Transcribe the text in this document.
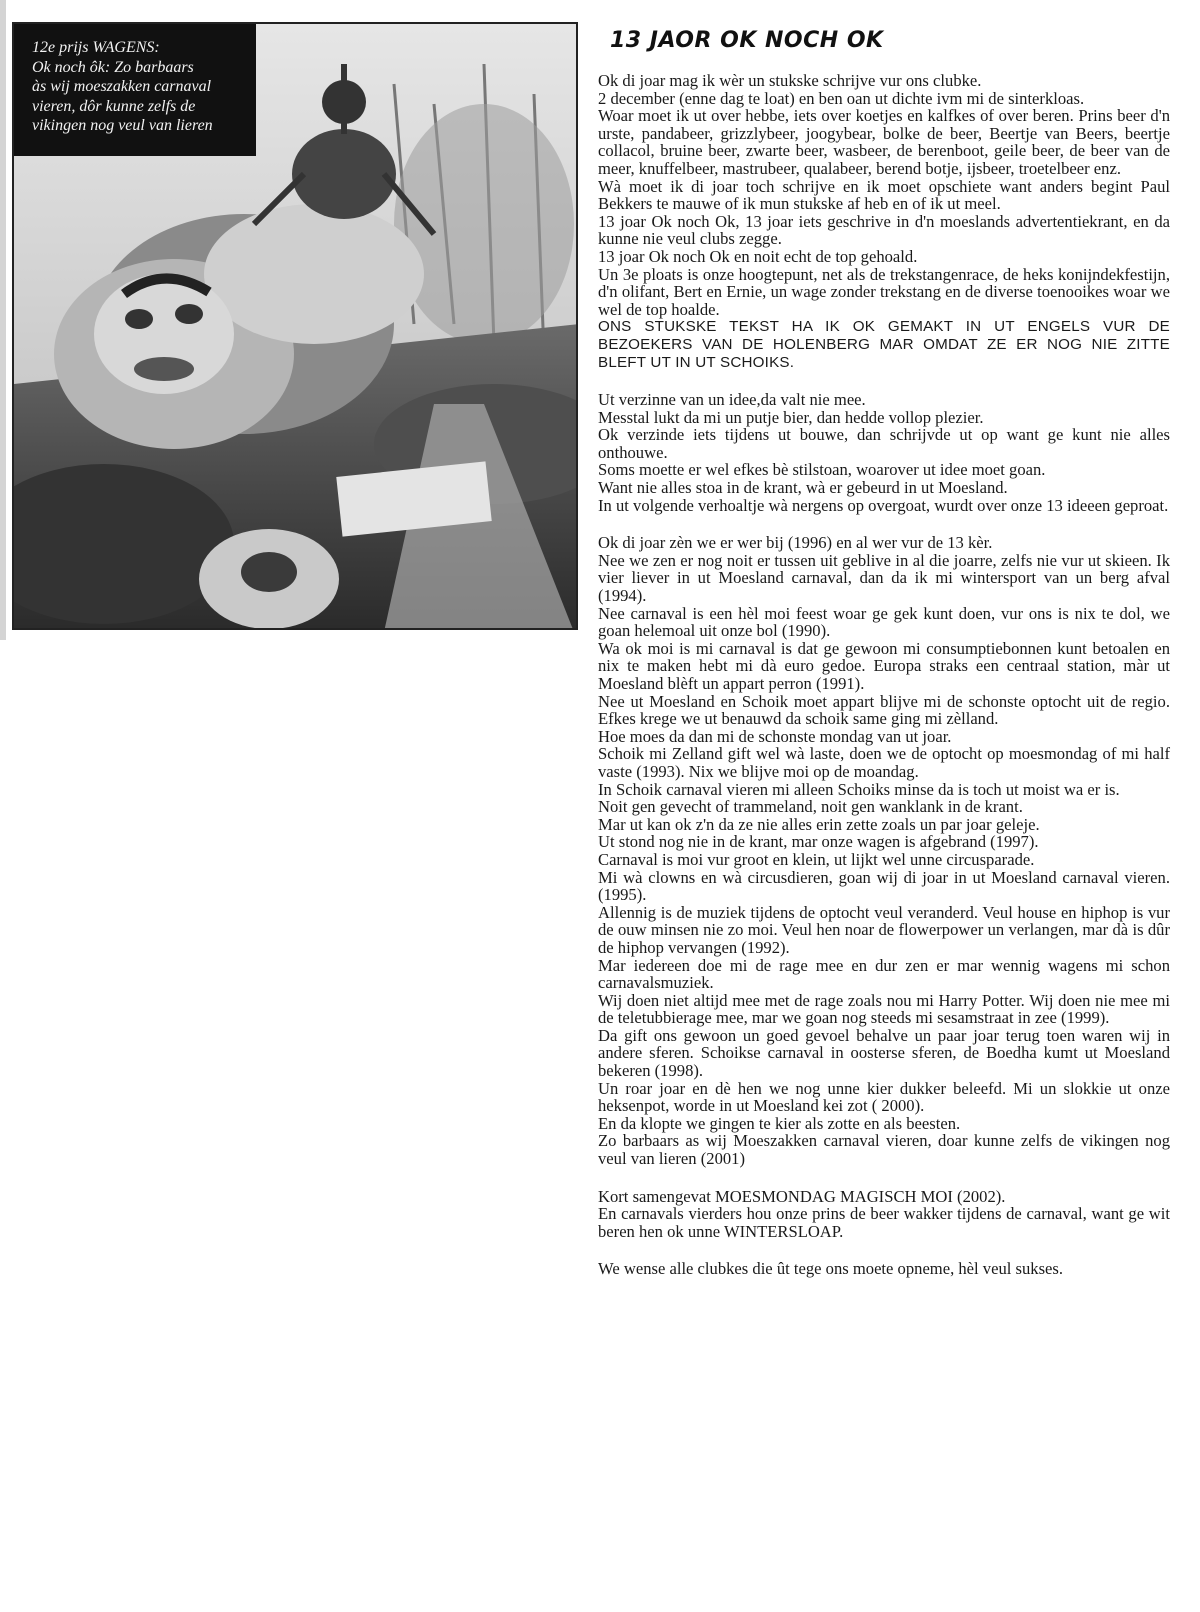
12e prijs WAGENS:
Ok noch ôk: Zo barbaars
às wij moeszakken carnaval
vieren, dôr kunne zelfs de
vikingen nog veul van lieren
13 JAOR OK NOCH OK

Ok di joar mag ik wèr un stukske schrijve vur ons clubke.

2 december (enne dag te loat) en ben oan ut dichte ivm mi de sinterkloas.

Woar moet ik ut over hebbe, iets over koetjes en kalfkes of over beren. Prins beer d'n urste, pandabeer, grizzlybeer, joogybear, bolke de beer, Beertje van Beers, beertje collacol, bruine beer, zwarte beer, wasbeer, de berenboot, geile beer, de beer van de meer, knuffelbeer, mastrubeer, qualabeer, berend botje, ijsbeer, troetelbeer enz.

Wà moet ik di joar toch schrijve en ik moet opschiete want anders begint Paul Bekkers te mauwe of ik mun stukske af heb en of ik ut meel.

13 joar Ok noch Ok, 13 joar iets geschrive in d'n moeslands advertentiekrant, en da kunne nie veul clubs zegge.

13 joar Ok noch Ok en noit echt de top gehoald.

Un 3e ploats is onze hoogtepunt, net als de trekstangenrace, de heks konijndekfestijn, d'n olifant, Bert en Ernie, un wage zonder trekstang en de diverse toenooikes woar we wel de top hoalde.

ONS STUKSKE TEKST HA IK OK GEMAKT IN UT ENGELS VUR DE BEZOEKERS VAN DE HOLENBERG MAR OMDAT ZE ER NOG NIE ZITTE BLEFT UT IN UT SCHOIKS.

Ut verzinne van un idee,da valt nie mee.

Messtal lukt da mi un putje bier, dan hedde vollop plezier.

Ok verzinde iets tijdens ut bouwe, dan schrijvde ut op want ge kunt nie alles onthouwe.

Soms moette er wel efkes bè stilstoan, woarover ut idee moet goan.

Want nie alles stoa in de krant, wà er gebeurd in ut Moesland.

In ut volgende verhoaltje wà nergens op overgoat, wurdt over onze 13 ideeen geproat.

Ok di joar zèn we er wer bij (1996) en al wer vur de 13 kèr.

Nee we zen er nog noit er tussen uit geblive in al die joarre, zelfs nie vur ut skieen. Ik vier liever in ut Moesland carnaval, dan da ik mi wintersport van un berg afval (1994).

Nee carnaval is een hèl moi feest woar ge gek kunt doen, vur ons is nix te dol, we goan helemoal uit onze bol (1990).

Wa ok moi is mi carnaval is dat ge gewoon mi consumptiebonnen kunt betoalen en nix te maken hebt mi dà euro gedoe. Europa straks een centraal station, màr ut Moesland blèft un appart perron (1991).

Nee ut Moesland en Schoik moet appart blijve mi de schonste optocht uit de regio. Efkes krege we ut benauwd da schoik same ging mi zèlland.

Hoe moes da dan mi de schonste mondag van ut joar.

Schoik mi Zelland gift wel wà laste, doen we de optocht op moesmondag of mi half vaste (1993). Nix we blijve moi op de moandag.

In Schoik carnaval vieren mi alleen Schoiks minse da is toch ut moist wa er is.

Noit gen gevecht of trammeland, noit gen wanklank in de krant.

Mar ut kan ok z'n da ze nie alles erin zette zoals un par joar geleje.

Ut stond nog nie in de krant, mar onze wagen is afgebrand (1997).

Carnaval is moi vur groot en klein, ut lijkt wel unne circusparade.

Mi wà clowns en wà circusdieren, goan wij di joar in ut Moesland carnaval vieren. (1995).

Allennig is de muziek tijdens de optocht veul veranderd. Veul house en hiphop is vur de ouw minsen nie zo moi. Veul hen noar de flowerpower un verlangen, mar dà is dûr de hiphop vervangen (1992).

Mar iedereen doe mi de rage mee en dur zen er mar wennig wagens mi schon carnavalsmuziek.

Wij doen niet altijd mee met de rage zoals nou mi Harry Potter. Wij doen nie mee mi de teletubbierage mee, mar we goan nog steeds mi sesamstraat in zee (1999).

Da gift ons gewoon un goed gevoel behalve un paar joar terug toen waren wij in andere sferen. Schoikse carnaval in oosterse sferen, de Boedha kumt ut Moesland bekeren (1998).

Un roar joar en dè hen we nog unne kier dukker beleefd. Mi un slokkie ut onze heksenpot, worde in ut Moesland kei zot ( 2000).

En da klopte we gingen te kier als zotte en als beesten.

Zo barbaars as wij Moeszakken carnaval vieren, doar kunne zelfs de vikingen nog veul van lieren (2001)

Kort samengevat MOESMONDAG MAGISCH MOI (2002).

En carnavals vierders hou onze prins de beer wakker tijdens de carnaval, want ge wit beren hen ok unne WINTERSLOAP.

We wense alle clubkes die ût tege ons moete opneme, hèl veul sukses.
